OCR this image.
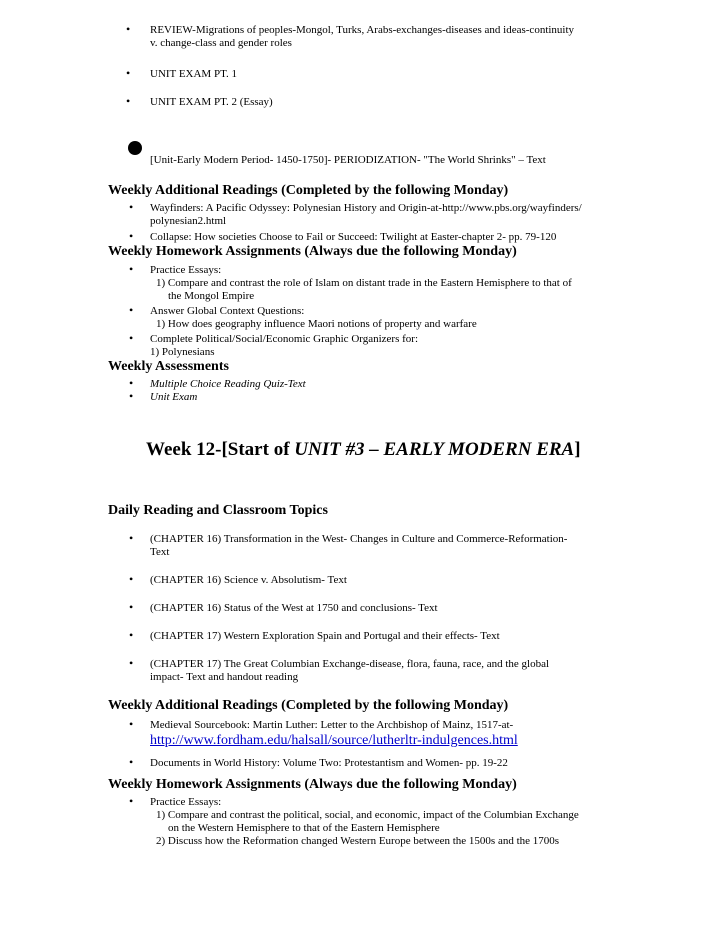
• REVIEW-Migrations of peoples-Mongol, Turks, Arabs-exchanges-diseases and ideas-continuity
v. change-class and gender roles
• UNIT EXAM PT. 1
• UNIT EXAM PT. 2 (Essay)
[Unit-Early Modern Period- 1450-1750]- PERIODIZATION- "The World Shrinks" – Text
Weekly Additional Readings (Completed by the following Monday)
• Wayfinders: A Pacific Odyssey: Polynesian History and Origin-at-http://www.pbs.org/wayfinders/
polynesian2.html
• Collapse: How societies Choose to Fail or Succeed: Twilight at Easter-chapter 2- pp. 79-120
Weekly Homework Assignments (Always due the following Monday)
• Practice Essays:
1) Compare and contrast the role of Islam on distant trade in the Eastern Hemisphere to that of
the Mongol Empire
• Answer Global Context Questions:
1) How does geography influence Maori notions of property and warfare
• Complete Political/Social/Economic Graphic Organizers for:
1) Polynesians
Weekly Assessments
• Multiple Choice Reading Quiz-Text
• Unit Exam
Week 12-[Start of UNIT #3 – EARLY MODERN ERA]
Daily Reading and Classroom Topics
• (CHAPTER 16) Transformation in the West- Changes in Culture and Commerce-Reformation-
Text
• (CHAPTER 16) Science v. Absolutism- Text
• (CHAPTER 16) Status of the West at 1750 and conclusions- Text
• (CHAPTER 17) Western Exploration Spain and Portugal and their effects- Text
• (CHAPTER 17) The Great Columbian Exchange-disease, flora, fauna, race, and the global
impact- Text and handout reading
Weekly Additional Readings (Completed by the following Monday)
• Medieval Sourcebook: Martin Luther: Letter to the Archbishop of Mainz, 1517-at-
http://www.fordham.edu/halsall/source/lutherltr-indulgences.html
• Documents in World History: Volume Two: Protestantism and Women- pp. 19-22
Weekly Homework Assignments (Always due the following Monday)
• Practice Essays:
1) Compare and contrast the political, social, and economic, impact of the Columbian Exchange
on the Western Hemisphere to that of the Eastern Hemisphere
2) Discuss how the Reformation changed Western Europe between the 1500s and the 1700s
